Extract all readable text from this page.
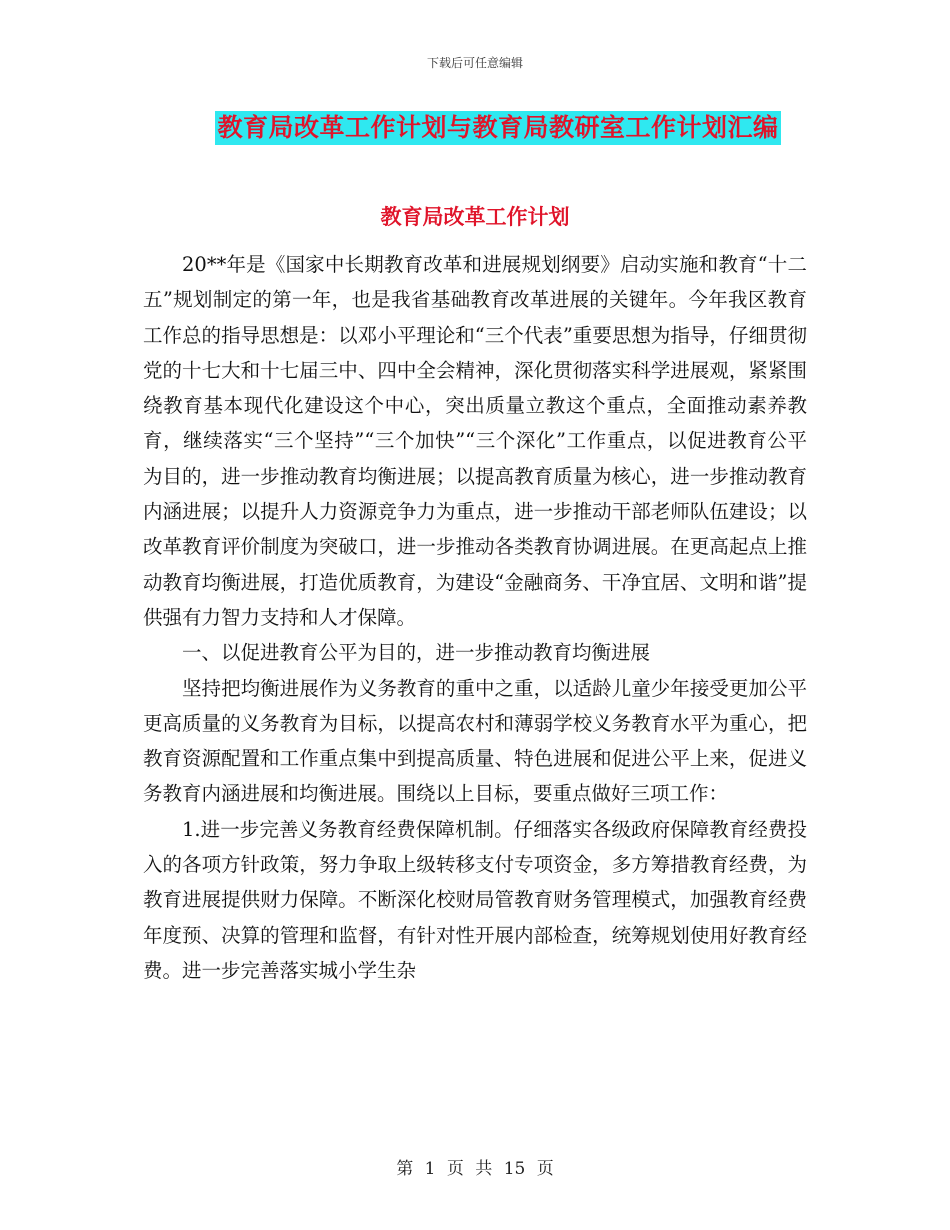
下载后可任意编辑
教育局改革工作计划与教育局教研室工作计划汇编
教育局改革工作计划

20**年是《国家中长期教育改革和进展规划纲要》启动实施和教育“十二五”规划制定的第一年，也是我省基础教育改革进展的关键年。今年我区教育工作总的指导思想是：以邓小平理论和“三个代表”重要思想为指导，仔细贯彻党的十七大和十七届三中、四中全会精神，深化贯彻落实科学进展观，紧紧围绕教育基本现代化建设这个中心，突出质量立教这个重点，全面推动素养教育，继续落实“三个坚持”“三个加快”“三个深化”工作重点，以促进教育公平为目的，进一步推动教育均衡进展；以提高教育质量为核心，进一步推动教育内涵进展；以提升人力资源竞争力为重点，进一步推动干部老师队伍建设；以改革教育评价制度为突破口，进一步推动各类教育协调进展。在更高起点上推动教育均衡进展，打造优质教育，为建设“金融商务、干净宜居、文明和谐”提供强有力智力支持和人才保障。

一、以促进教育公平为目的，进一步推动教育均衡进展

坚持把均衡进展作为义务教育的重中之重，以适龄儿童少年接受更加公平更高质量的义务教育为目标，以提高农村和薄弱学校义务教育水平为重心，把教育资源配置和工作重点集中到提高质量、特色进展和促进公平上来，促进义务教育内涵进展和均衡进展。围绕以上目标，要重点做好三项工作：

1.进一步完善义务教育经费保障机制。仔细落实各级政府保障教育经费投入的各项方针政策，努力争取上级转移支付专项资金，多方筹措教育经费，为教育进展提供财力保障。不断深化校财局管教育财务管理模式，加强教育经费年度预、决算的管理和监督，有针对性开展内部检查，统筹规划使用好教育经费。进一步完善落实城小学生杂

第 1 页 共 15 页
